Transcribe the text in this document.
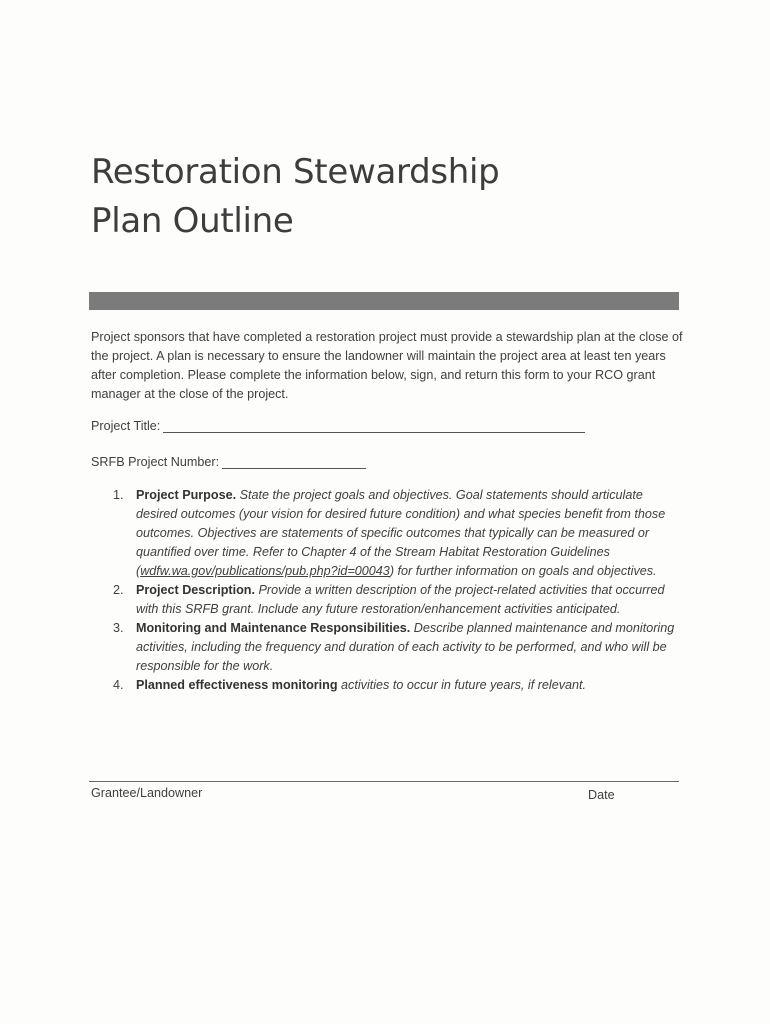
Restoration Stewardship
Plan Outline

Project sponsors that have completed a restoration project must provide a stewardship plan at the close of the project. A plan is necessary to ensure the landowner will maintain the project area at least ten years after completion. Please complete the information below, sign, and return this form to your RCO grant manager at the close of the project.

Project Title:
SRFB Project Number:
1. Project Purpose. State the project goals and objectives. Goal statements should articulate desired outcomes (your vision for desired future condition) and what species benefit from those outcomes. Objectives are statements of specific outcomes that typically can be measured or quantified over time. Refer to Chapter 4 of the Stream Habitat Restoration Guidelines (wdfw.wa.gov/publications/pub.php?id=00043) for further information on goals and objectives.
2. Project Description. Provide a written description of the project-related activities that occurred with this SRFB grant. Include any future restoration/enhancement activities anticipated.
3. Monitoring and Maintenance Responsibilities. Describe planned maintenance and monitoring activities, including the frequency and duration of each activity to be performed, and who will be responsible for the work.
4. Planned effectiveness monitoring activities to occur in future years, if relevant.
Grantee/Landowner	Date
